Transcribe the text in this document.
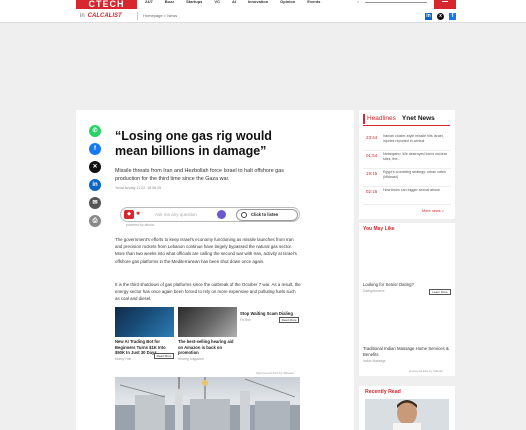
CTECH	24/7	Buzz	Startups	VC	AI	Innovation	Opinion	Events	⌕
in CALCALIST	Homepage > News	in	x	f
✆
f
✕
in
✉
⎙
“Losing one gas rig would mean billions in damage”

Missile threats from Iran and Hezbollah force Israel to halt offshore gas production for the third time since the Gaza war.

Yuval Azulay 11:22, 18.06.25
◆	✱	Ask me any question	Click to listen
powered by aiforia

The government's efforts to keep Israel's economy functioning as missile launches from Iran and precision rockets from Lebanon continue have largely bypassed the natural gas sector. More than two weeks into what officials are calling the second war with Iran, activity at Israel's offshore gas platforms in the Mediterranean has been shut down once again.

It is the third shutdown of gas platforms since the outbreak of the October 7 war. As a result, the energy sector has once again been forced to rely on more expensive and polluting fuels such as coal and diesel.

New AI Trading Bot for Beginners Turns $1K Into $50K In Just 30 Days...
Money Hub
Read More
The best-selling hearing aid on Amazon is back on promotion
Hearing Magazine
Stop Waiting Scam Dialing
FinTech	Read More
Sponsored Links by Taboola
Headlines Ynet News
23:44 Iranian cluster-style missile hits Israel, injuries reported in central
01:54 Netanyahu: We destroyed Iran's nuclear sites, the...
19:15 Egypt's crumbling strategy: urban cafes (Mideast)
02:15 How times can trigger sexual abuse
More news >
You May Like
Looking for Senior Dating?
DatingAnswers	Learn More
Traditional Indian Massage Home Services & Benefits
Indian Massage
sponsored links by Taboola
Recently Read
